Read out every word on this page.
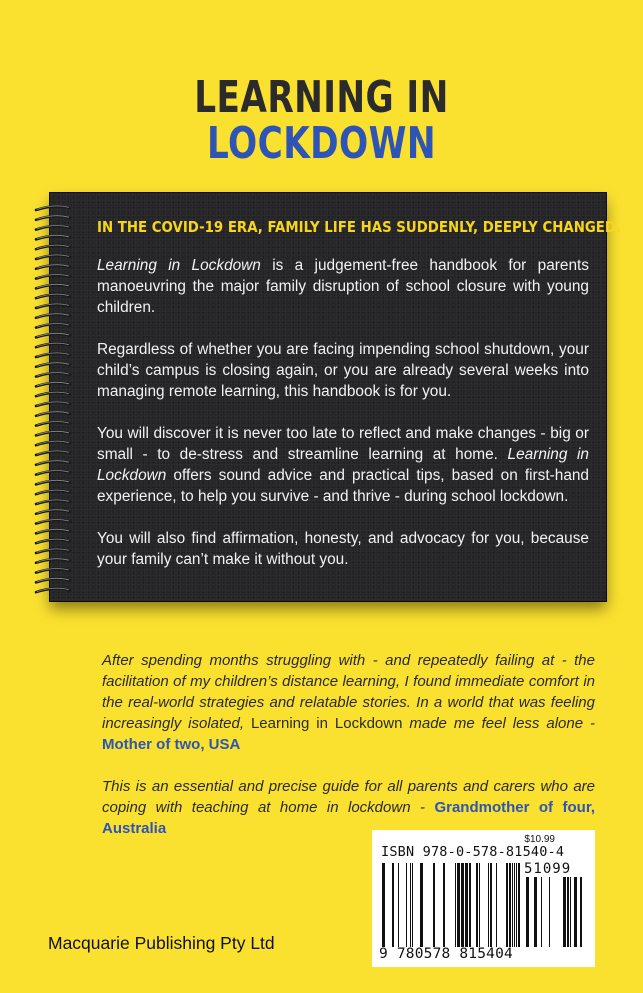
LEARNING IN
LOCKDOWN
IN THE COVID-19 ERA, FAMILY LIFE HAS SUDDENLY, DEEPLY CHANGED.

Learning in Lockdown is a judgement-free handbook for parents manoeuvring the major family disruption of school closure with young children.

Regardless of whether you are facing impending school shutdown, your child’s campus is closing again, or you are already several weeks into managing remote learning, this handbook is for you.

You will discover it is never too late to reflect and make changes - big or small - to de-stress and streamline learning at home. Learning in Lockdown offers sound advice and practical tips, based on first-hand experience, to help you survive - and thrive - during school lockdown.

You will also find affirmation, honesty, and advocacy for you, because your family can’t make it without you.

After spending months struggling with - and repeatedly failing at - the facilitation of my children’s distance learning, I found immediate comfort in the real-world strategies and relatable stories. In a world that was feeling increasingly isolated, Learning in Lockdown made me feel less alone - Mother of two, USA

This is an essential and precise guide for all parents and carers who are coping with teaching at home in lockdown - Grandmother of four, Australia

$10.99
ISBN 978-0-578-81540-4
51099
9 780578 815404
Macquarie Publishing Pty Ltd
